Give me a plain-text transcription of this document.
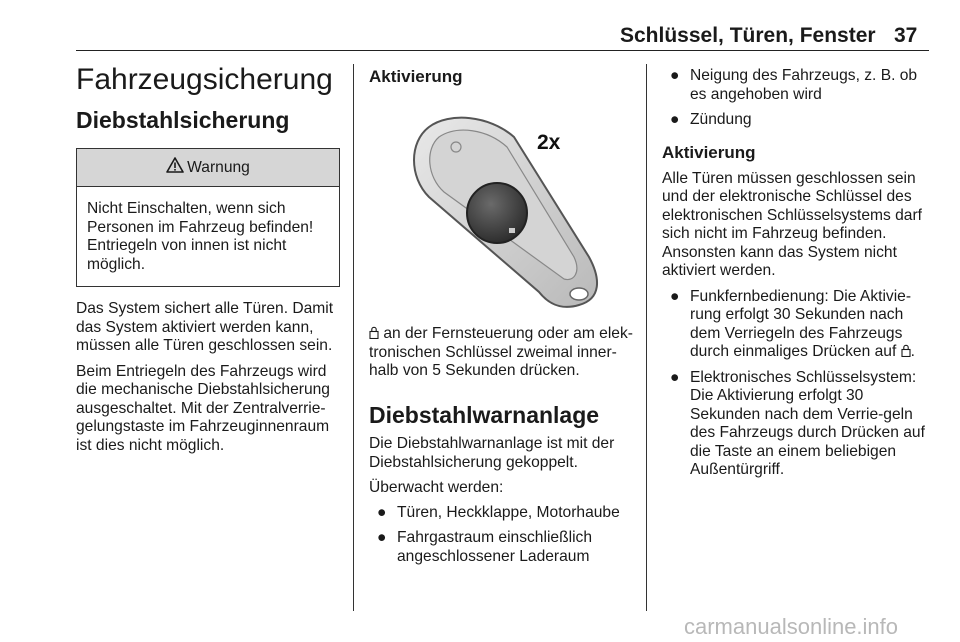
Schlüssel, Türen, Fenster 37
Fahrzeugsicherung
Diebstahlsicherung
Warnung

Nicht Einschalten, wenn sich Personen im Fahrzeug befinden! Entriegeln von innen ist nicht möglich.

Das System sichert alle Türen. Damit das System aktiviert werden kann, müssen alle Türen geschlossen sein.

Beim Entriegeln des Fahrzeugs wird die mechanische Diebstahlsicherung ausgeschaltet. Mit der Zentralverrie-gelungstaste im Fahrzeuginnenraum ist dies nicht möglich.

Aktivierung
2x

an der Fernsteuerung oder am elek-tronischen Schlüssel zweimal inner-halb von 5 Sekunden drücken.

Diebstahlwarnanlage

Die Diebstahlwarnanlage ist mit der Diebstahlsicherung gekoppelt.

Überwacht werden:

● Türen, Heckklappe, Motorhaube
● Fahrgastraum einschließlich angeschlossener Laderaum
● Neigung des Fahrzeugs, z. B. ob es angehoben wird
● Zündung
Aktivierung

Alle Türen müssen geschlossen sein und der elektronische Schlüssel des elektronischen Schlüsselsystems darf sich nicht im Fahrzeug befinden. Ansonsten kann das System nicht aktiviert werden.

● Funkfernbedienung: Die Aktivie-rung erfolgt 30 Sekunden nach dem Verriegeln des Fahrzeugs durch einmaliges Drücken auf .
● Elektronisches Schlüsselsystem: Die Aktivierung erfolgt 30 Sekunden nach dem Verrie-geln des Fahrzeugs durch Drücken auf die Taste an einem beliebigen Außentürgriff.
carmanualsonline.info
